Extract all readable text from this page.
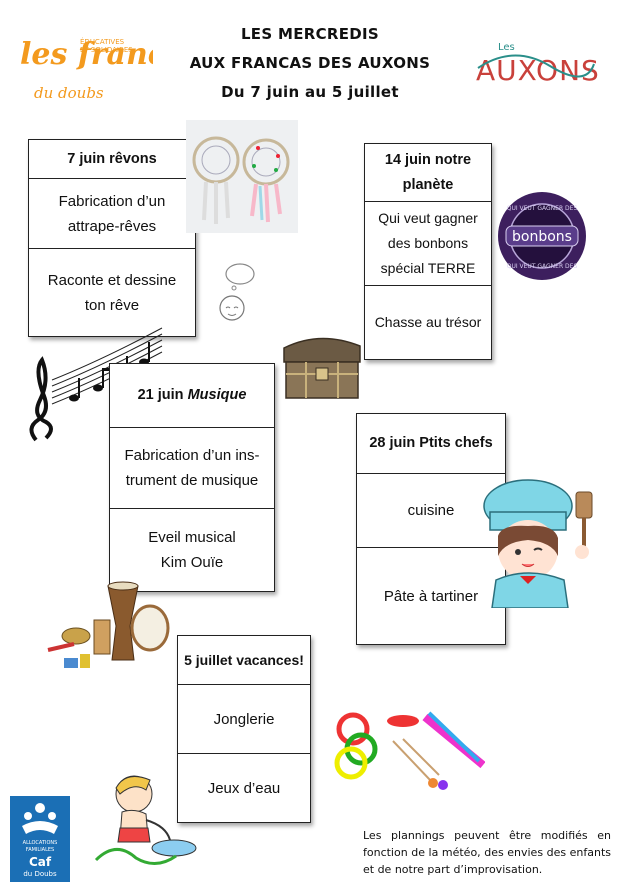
LES MERCREDIS
AUX FRANCAS DES AUXONS
Du 7 juin au 5 juillet
les fran
ÉDUCATIVES
ET SOLIDAIRES
du doubs
Les
AUXONS
7 juin rêvons
Fabrication d’un
attrape-rêves
Raconte et dessine
ton rêve
14 juin notre
planète
Qui veut gagner
des bonbons
spécial TERRE
Chasse au trésor
bonbons
QUI VEUT GAGNER DES
QUI VEUT GAGNER DES
21 juin Musique
Fabrication d’un ins-
trument de musique
Eveil musical
Kim Ouïe
28 juin Ptits chefs
cuisine
Pâte à tartiner
5 juillet vacances!
Jonglerie
Jeux d’eau
ALLOCATIONS
FAMILIALES
Caf
du Doubs
Les plannings peuvent être modifiés en fonction de la météo, des envies des enfants et de notre part d’improvisation.
